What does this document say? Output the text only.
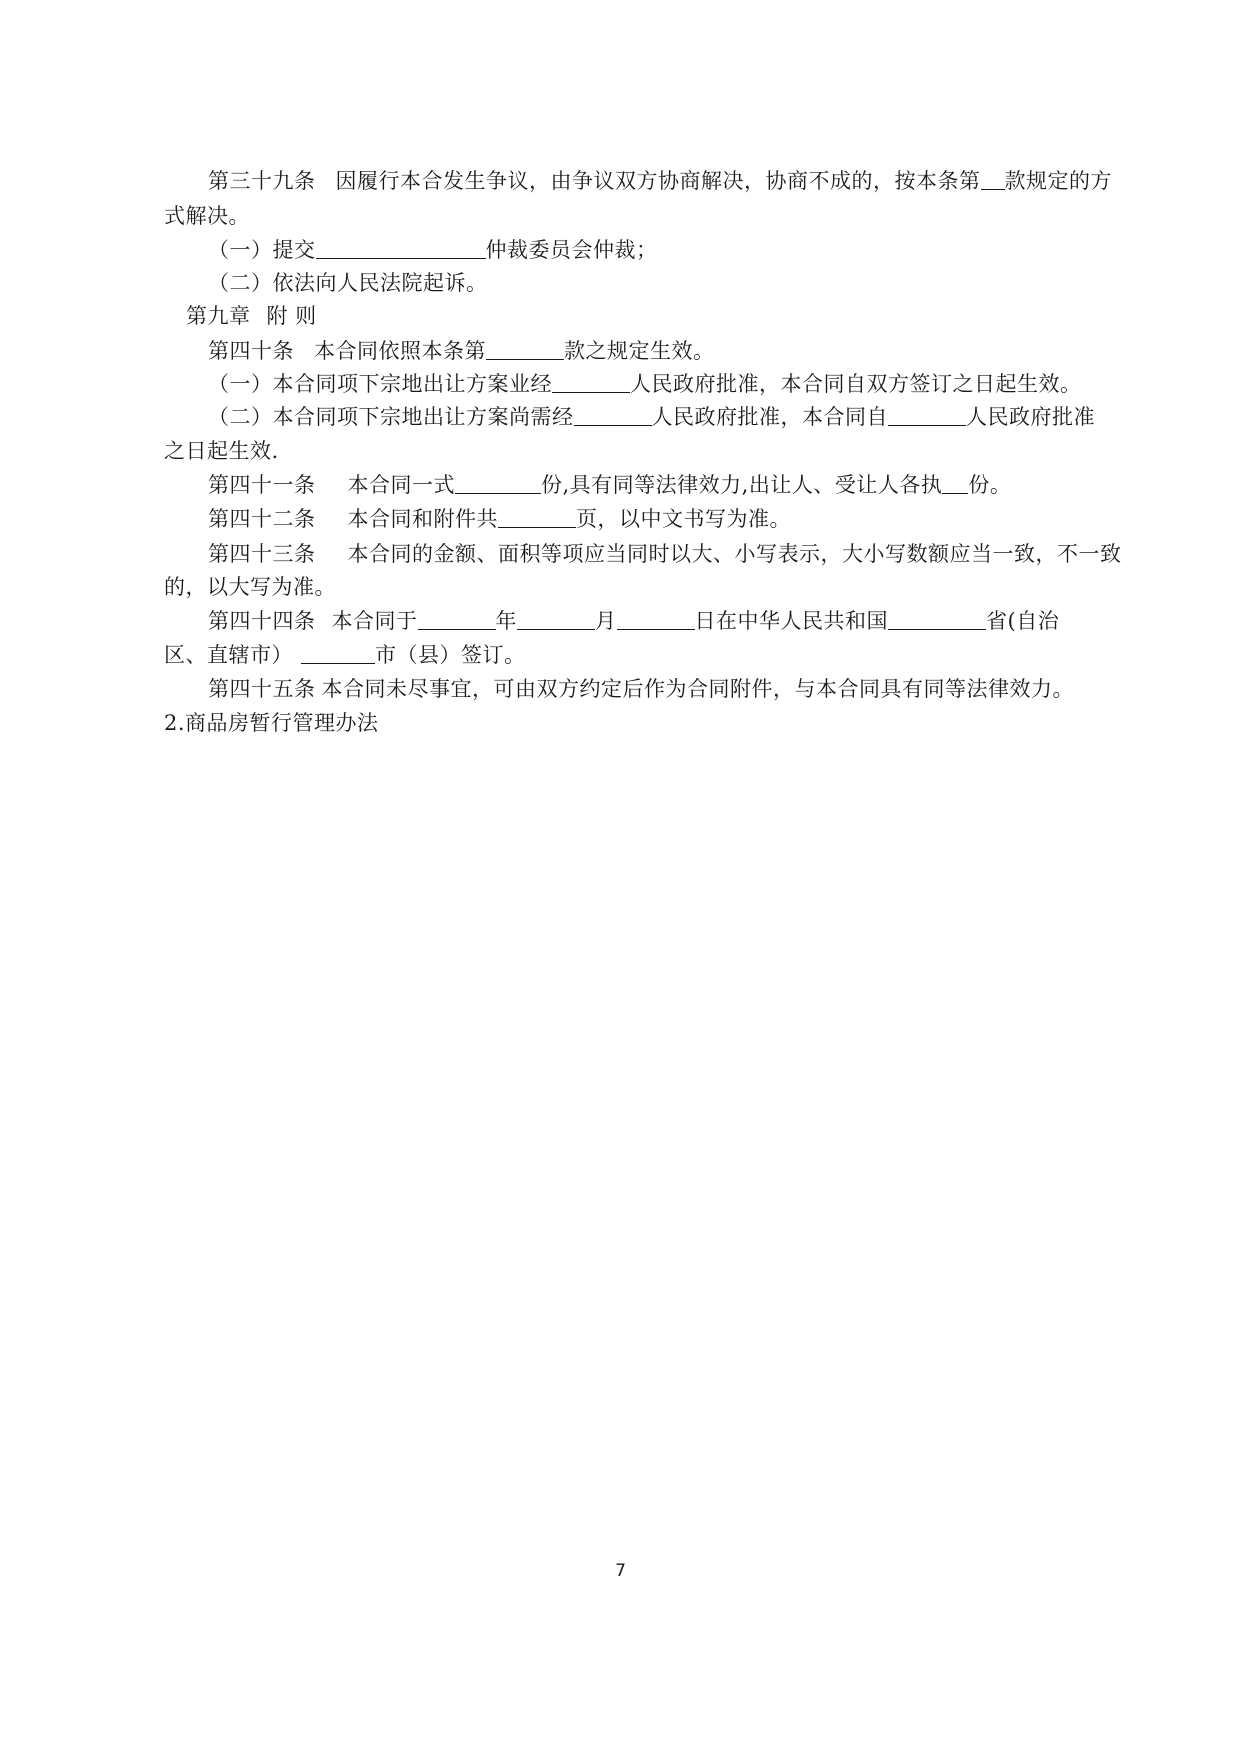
第三十九条 因履行本合发生争议，由争议双方协商解决，协商不成的，按本条第 款规定的方
式解决。
（一）提交	仲裁委员会仲裁；
（二）依法向人民法院起诉。
第九章 附 则
第四十条 本合同依照本条第	款之规定生效。
（一）本合同项下宗地出让方案业经	人民政府批准，本合同自双方签订之日起生效。
（二）本合同项下宗地出让方案尚需经	人民政府批准，本合同自	人民政府批准
之日起生效.
第四十一条 本合同一式	份,具有同等法律效力,出让人、受让人各执 份。
第四十二条 本合同和附件共	页，以中文书写为准。
第四十三条 本合同的金额、面积等项应当同时以大、小写表示，大小写数额应当一致，不一致
的，以大写为准。
第四十四条 本合同于	年	月	日在中华人民共和国	省(自治
区、直辖市）	市（县）签订。
第四十五条 本合同未尽事宜，可由双方约定后作为合同附件，与本合同具有同等法律效力。
2.商品房暂行管理办法
7
